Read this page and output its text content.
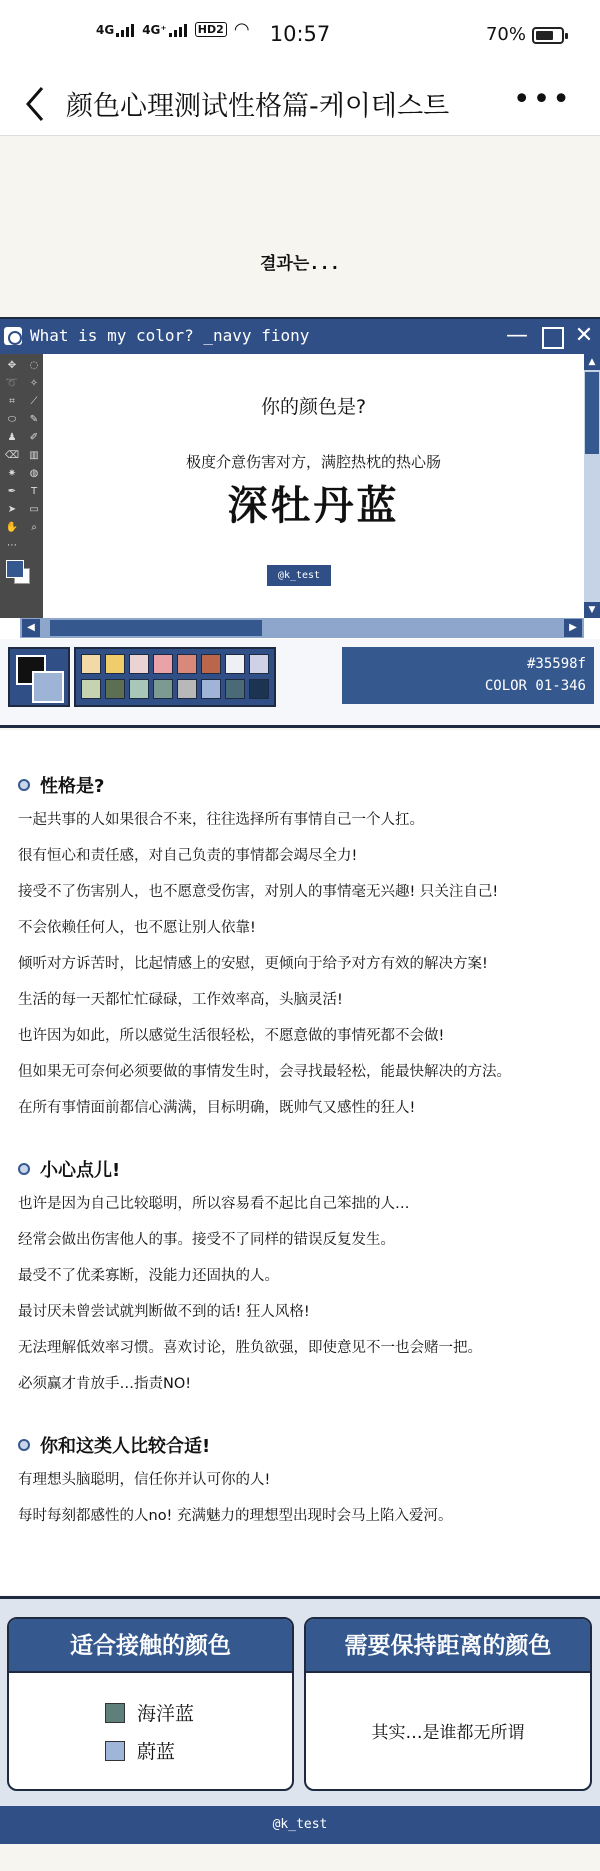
4G 4G⁺	HD2 ◠	10:57	70%
颜色心理测试性格篇-케이테스트 •••
결과는...
What is my color? _navy fiony	— ✕
✥	◌
➰	✧
⌗	⟋
⬭	✎
♟	✐
⌫	▥
✷	◍
✒	T
➤	▭
✋	⌕
⋯
你的颜色是?
极度介意伤害对方，满腔热枕的热心肠
深牡丹蓝
@k_test
▲
▼
◀	▶
#35598f
COLOR 01-346
性格是?
一起共事的人如果很合不来，往往选择所有事情自己一个人扛。
很有恒心和责任感，对自己负责的事情都会竭尽全力!
接受不了伤害别人，也不愿意受伤害，对别人的事情毫无兴趣! 只关注自己!
不会依赖任何人，也不愿让别人依靠!
倾听对方诉苦时，比起情感上的安慰，更倾向于给予对方有效的解决方案!
生活的每一天都忙忙碌碌，工作效率高，头脑灵活!
也许因为如此，所以感觉生活很轻松，不愿意做的事情死都不会做!
但如果无可奈何必须要做的事情发生时，会寻找最轻松，能最快解决的方法。
在所有事情面前都信心满满，目标明确，既帅气又感性的狂人!
小心点儿!
也许是因为自己比较聪明，所以容易看不起比自己笨拙的人…
经常会做出伤害他人的事。接受不了同样的错误反复发生。
最受不了优柔寡断，没能力还固执的人。
最讨厌未曾尝试就判断做不到的话! 狂人风格!
无法理解低效率习惯。喜欢讨论，胜负欲强，即使意见不一也会赌一把。
必须赢才肯放手…指责NO!
你和这类人比较合适!
有理想头脑聪明，信任你并认可你的人!
每时每刻都感性的人no! 充满魅力的理想型出现时会马上陷入爱河。
适合接触的颜色
海洋蓝
蔚蓝
需要保持距离的颜色
其实…是谁都无所谓
@k_test
